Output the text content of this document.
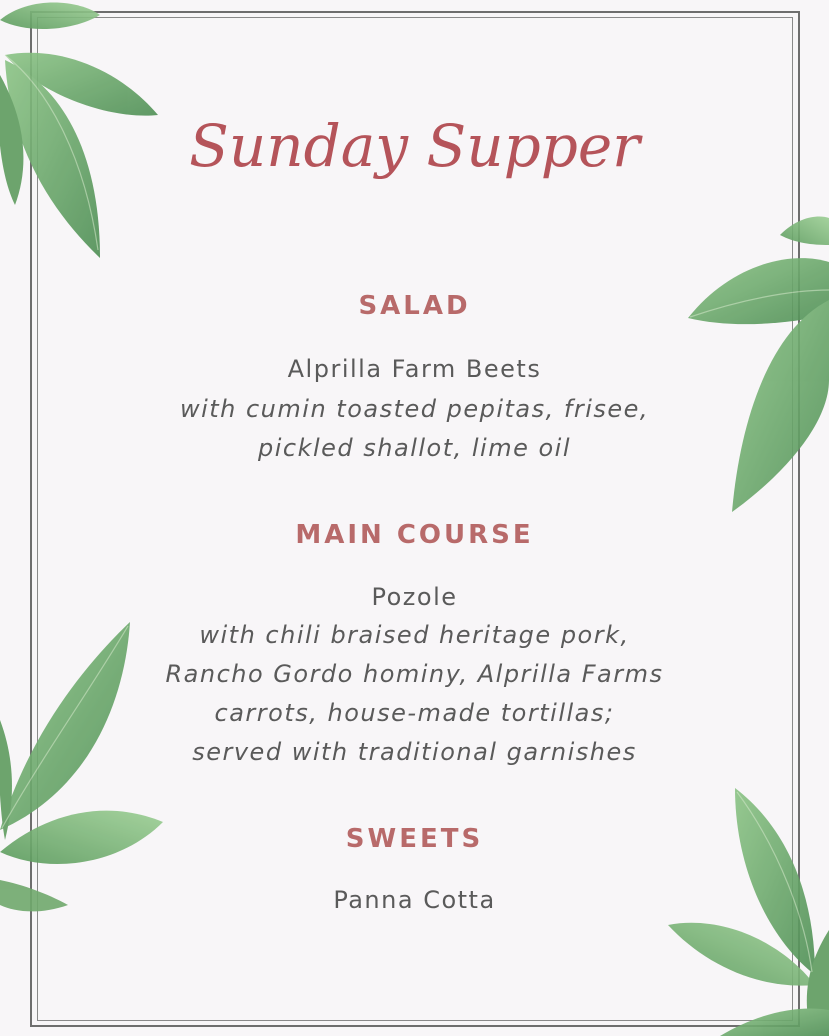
Sunday Supper
SALAD
Alprilla Farm Beets
with cumin toasted pepitas, frisee,
pickled shallot, lime oil
MAIN COURSE
Pozole
with chili braised heritage pork,
Rancho Gordo hominy, Alprilla Farms
carrots, house-made tortillas;
served with traditional garnishes
SWEETS
Panna Cotta
